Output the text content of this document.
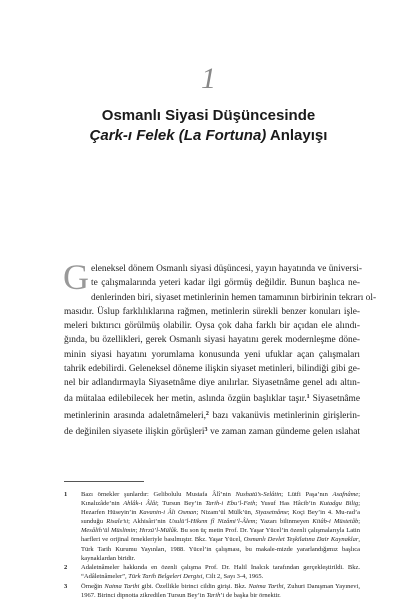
1
Osmanlı Siyasi Düşüncesinde
Çark-ı Felek (La Fortuna) Anlayışı
G eleneksel dönem Osmanlı siyasi düşüncesi, yayın hayatında ve üniversi-
te çalışmalarında yeteri kadar ilgi görmüş değildir. Bunun başlıca ne-
denlerinden biri, siyaset metinlerinin hemen tamamının birbirinin tekrarı ol-
masıdır. Üslup farklılıklarına rağmen, metinlerin sürekli benzer konuları işle-
meleri bıktırıcı görülmüş olabilir. Oysa çok daha farklı bir açıdan ele alındı-
ğında, bu özellikleri, gerek Osmanlı siyasi hayatını gerek modernleşme döne-
minin siyasi hayatını yorumlama konusunda yeni ufuklar açan çalışmaları
tahrik edebilirdi. Geleneksel döneme ilişkin siyaset metinleri, bilindiği gibi ge-
nel bir adlandırmayla Siyasetnâme diye anılırlar. Siyasetnâme genel adı altın-
da mütalaa edilebilecek her metin, aslında özgün başlıklar taşır.$^1$ Siyasetnâme
metinlerinin arasında adaletnâmeleri,$^2$ bazı vakanüvis metinlerinin girişlerin-
de değinilen siyasete ilişkin görüşleri$^3$ ve zaman zaman gündeme gelen ıslahat
1 Bazı örnekler şunlardır: Gelibolulu Mustafa Âlî’nin Nushatü’s-Selâtin; Lütfi Paşa’nın Asafnâme; Kınalızâde’nin Ahlâk-ı Âlâi; Tursun Bey’in Tarih-i Ebu’l-Feth; Yusuf Has Hâcib’in Kutadgu Bilig; Hezarfen Hüseyin’in Kavanin-i Âli Osman; Nizam’ül Mülk’ün, Siyasetnâme; Koçi Bey’in 4. Mu-rad’a sunduğu Risale’si; Akhisâri’nin Usulü’l-Hikem fî Nizâmi’l-Âlem; Yazarı bilinmeyen Kitâb-i Müstetâb; Mesâlih’ül Müslimin; Hırzü’l-Mülûk. Bu son üç metin Prof. Dr. Yaşar Yücel’in özenli çalışmalarıyla Latin harfleri ve orijinal örnekleriyle basılmıştır. Bkz. Yaşar Yücel, Osmanlı Devlet Teşkilatına Dair Kaynaklar, Türk Tarih Kurumu Yayınları, 1988. Yücel’in çalışması, bu makale-mizde yararlandığımız başlıca kaynaklardan biridir.
2 Adaletnâmeler hakkında en özenli çalışma Prof. Dr. Halil İnalcık tarafından gerçekleştirildi. Bkz. “Adâletnâmeler”, Türk Tarih Belgeleri Dergisi, Cilt 2, Sayı 3-4, 1965.
3 Örneğin Naima Tarihi gibi. Özellikle birinci cildin girişi. Bkz. Naima Tarihi, Zuhuri Danışman Yayınevi, 1967. Birinci dipnotta zikredilen Tursun Bey’in Tarih’i de başka bir örnektir.
